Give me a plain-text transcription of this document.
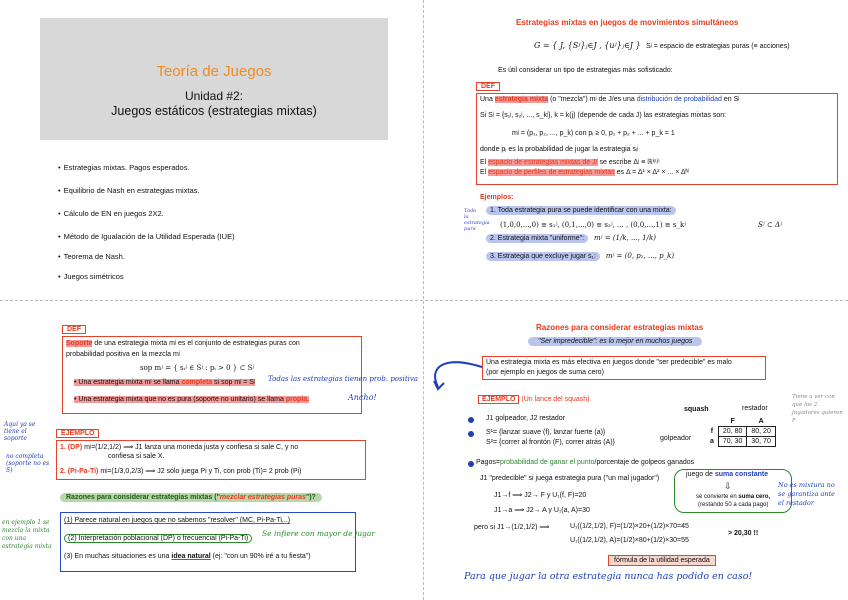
Teoría de Juegos
Unidad #2:
Juegos estáticos (estrategias mixtas)
• Estrategias mixtas. Pagos esperados.
• Equilibrio de Nash en estrategias mixtas.
• Cálculo de EN en juegos 2X2.
• Método de Igualación de la Utilidad Esperada (IUE)
• Teorema de Nash.
• Juegos simétricos
Estrategias mixtas en juegos de movimientos simultáneos
G = { J, {Sʲ}ⱼ∈J , {uʲ}ⱼ∈J } Sʲ = espacio de estrategias puras (≡ acciones)
Es útil considerar un tipo de estrategias más sofisticado:
DEF
Una estrategia mixta (o "mezcla") mʲ de J/es una distribución de probabilidad en Sʲ
Si Sʲ = {s₁ʲ, s₂ʲ, ..., s_kʲ}, k = k(j) (depende de cada J) las estrategias mixtas son:
mʲ = (p₁, p₂, ..., p_k) con pᵢ ≥ 0, p₁ + p₂ + ... + p_k = 1
donde pᵢ es la probabilidad de jugar la estrategia sᵢʲ
El espacio de estrategias mixtas de J/ se escribe Δʲ ≡ ℝᵏ⁽ʲ⁾
El espacio de perfiles de estrategias mixtas es Δ = Δ¹ × Δ² × ... × Δᴺ
Ejemplos:
Todo la estrategia pura
1. Toda estrategia pura se puede identificar con una mixta:
(1,0,0,...,0) ≡ s₁ʲ, (0,1,...,0) ≡ s₂ʲ, ... , (0,0,...,1) ≡ s_kʲ	Sʲ ⊂ Δʲ
2. Estrategia mixta "uniforme": mʲ = (1/k, ..., 1/k)
3. Estrategia que excluye jugar s₁: mʲ = (0, p₂, ..., p_k)
DEF
Soporte de una estrategia mixta mʲ es el conjunto de estrategias puras con
probabilidad positiva en la mezcla mʲ
sop mʲ = { sᵢʲ ∈ Sʲ : pᵢ > 0 } ⊂ Sʲ
• Una estrategia mixta mʲ se llama completa si sop mʲ = Sʲ Todas las estrategias tienen prob. positiva
• Una estrategia mixta que no es pura (soporte no unitario) se llama propia.	Ancho!
Aquí ya se tiene el soporte
EJEMPLO
1. (DP) mʲ=(1/2,1/2) ⟹ J1 lanza una moneda justa y confiesa si sale C, y no
confiesa si sale X.
2. (Pi-Pa-Ti) mʲ=(1/3,0,2/3) ⟹ J2 sólo juega Pi y Ti, con prob (Ti)= 2 prob (Pi)
no completa (soporte no es S)
Razones para considerar estrategias mixtas ("mezclar estrategias puras")?
(1) Parece natural en juegos que no sabemos "resolver" (MC, Pi-Pa-Ti,..)
(2) Interpretación poblacional (DP) o frecuencial (Pi-Pa-Ti)
Se infiere con mayor de jugar
(3) En muchas situaciones es una idea natural (ej: "con un 90% iré a tu fiesta")
en ejemplo 1 se mezcla la mixta con una estrategia mixta
Razones para considerar estrategias mixtas
"Ser impredecible": es lo mejor en muchos juegos
Una estrategia mixta es más efectiva en juegos donde "ser predecible" es malo
(por ejemplo en juegos de suma cero)
EJEMPLO (Un lance del squash)
J1 golpeador, J2 restador
S¹= {lanzar suave (f), lanzar fuerte (a)}
S²= {correr al frontón (F), correr atrás (A)}
squash	restador
golpeador
	F	A
f	20, 80	80, 20
a	70, 30	30, 70
Pagos=probabilidad de ganar el punto/porcentaje de golpeos ganados
juego de suma constante
⇩
se convierte en suma cero,
(restando 50 a cada pago)
J1 "predecible" si juega estrategia pura ("un mal jugador")
J1→f ⟹ J2→ F y U₁(f, F)=20
J1→a ⟹ J2→ A y U₁(a, A)=30
pero si J1→(1/2,1/2) ⟹	U₁((1/2,1/2), F)=(1/2)×20+(1/2)×70=45
U₁((1/2,1/2), A)=(1/2)×80+(1/2)×30=55
> 20,30 !!
fórmula de la utilidad esperada
Para que jugar la otra estrategia nunca has podido en caso!
No es mixtura no se garantiza ante el restador
Tiene a ver con que los 2 jugadores quieren F
